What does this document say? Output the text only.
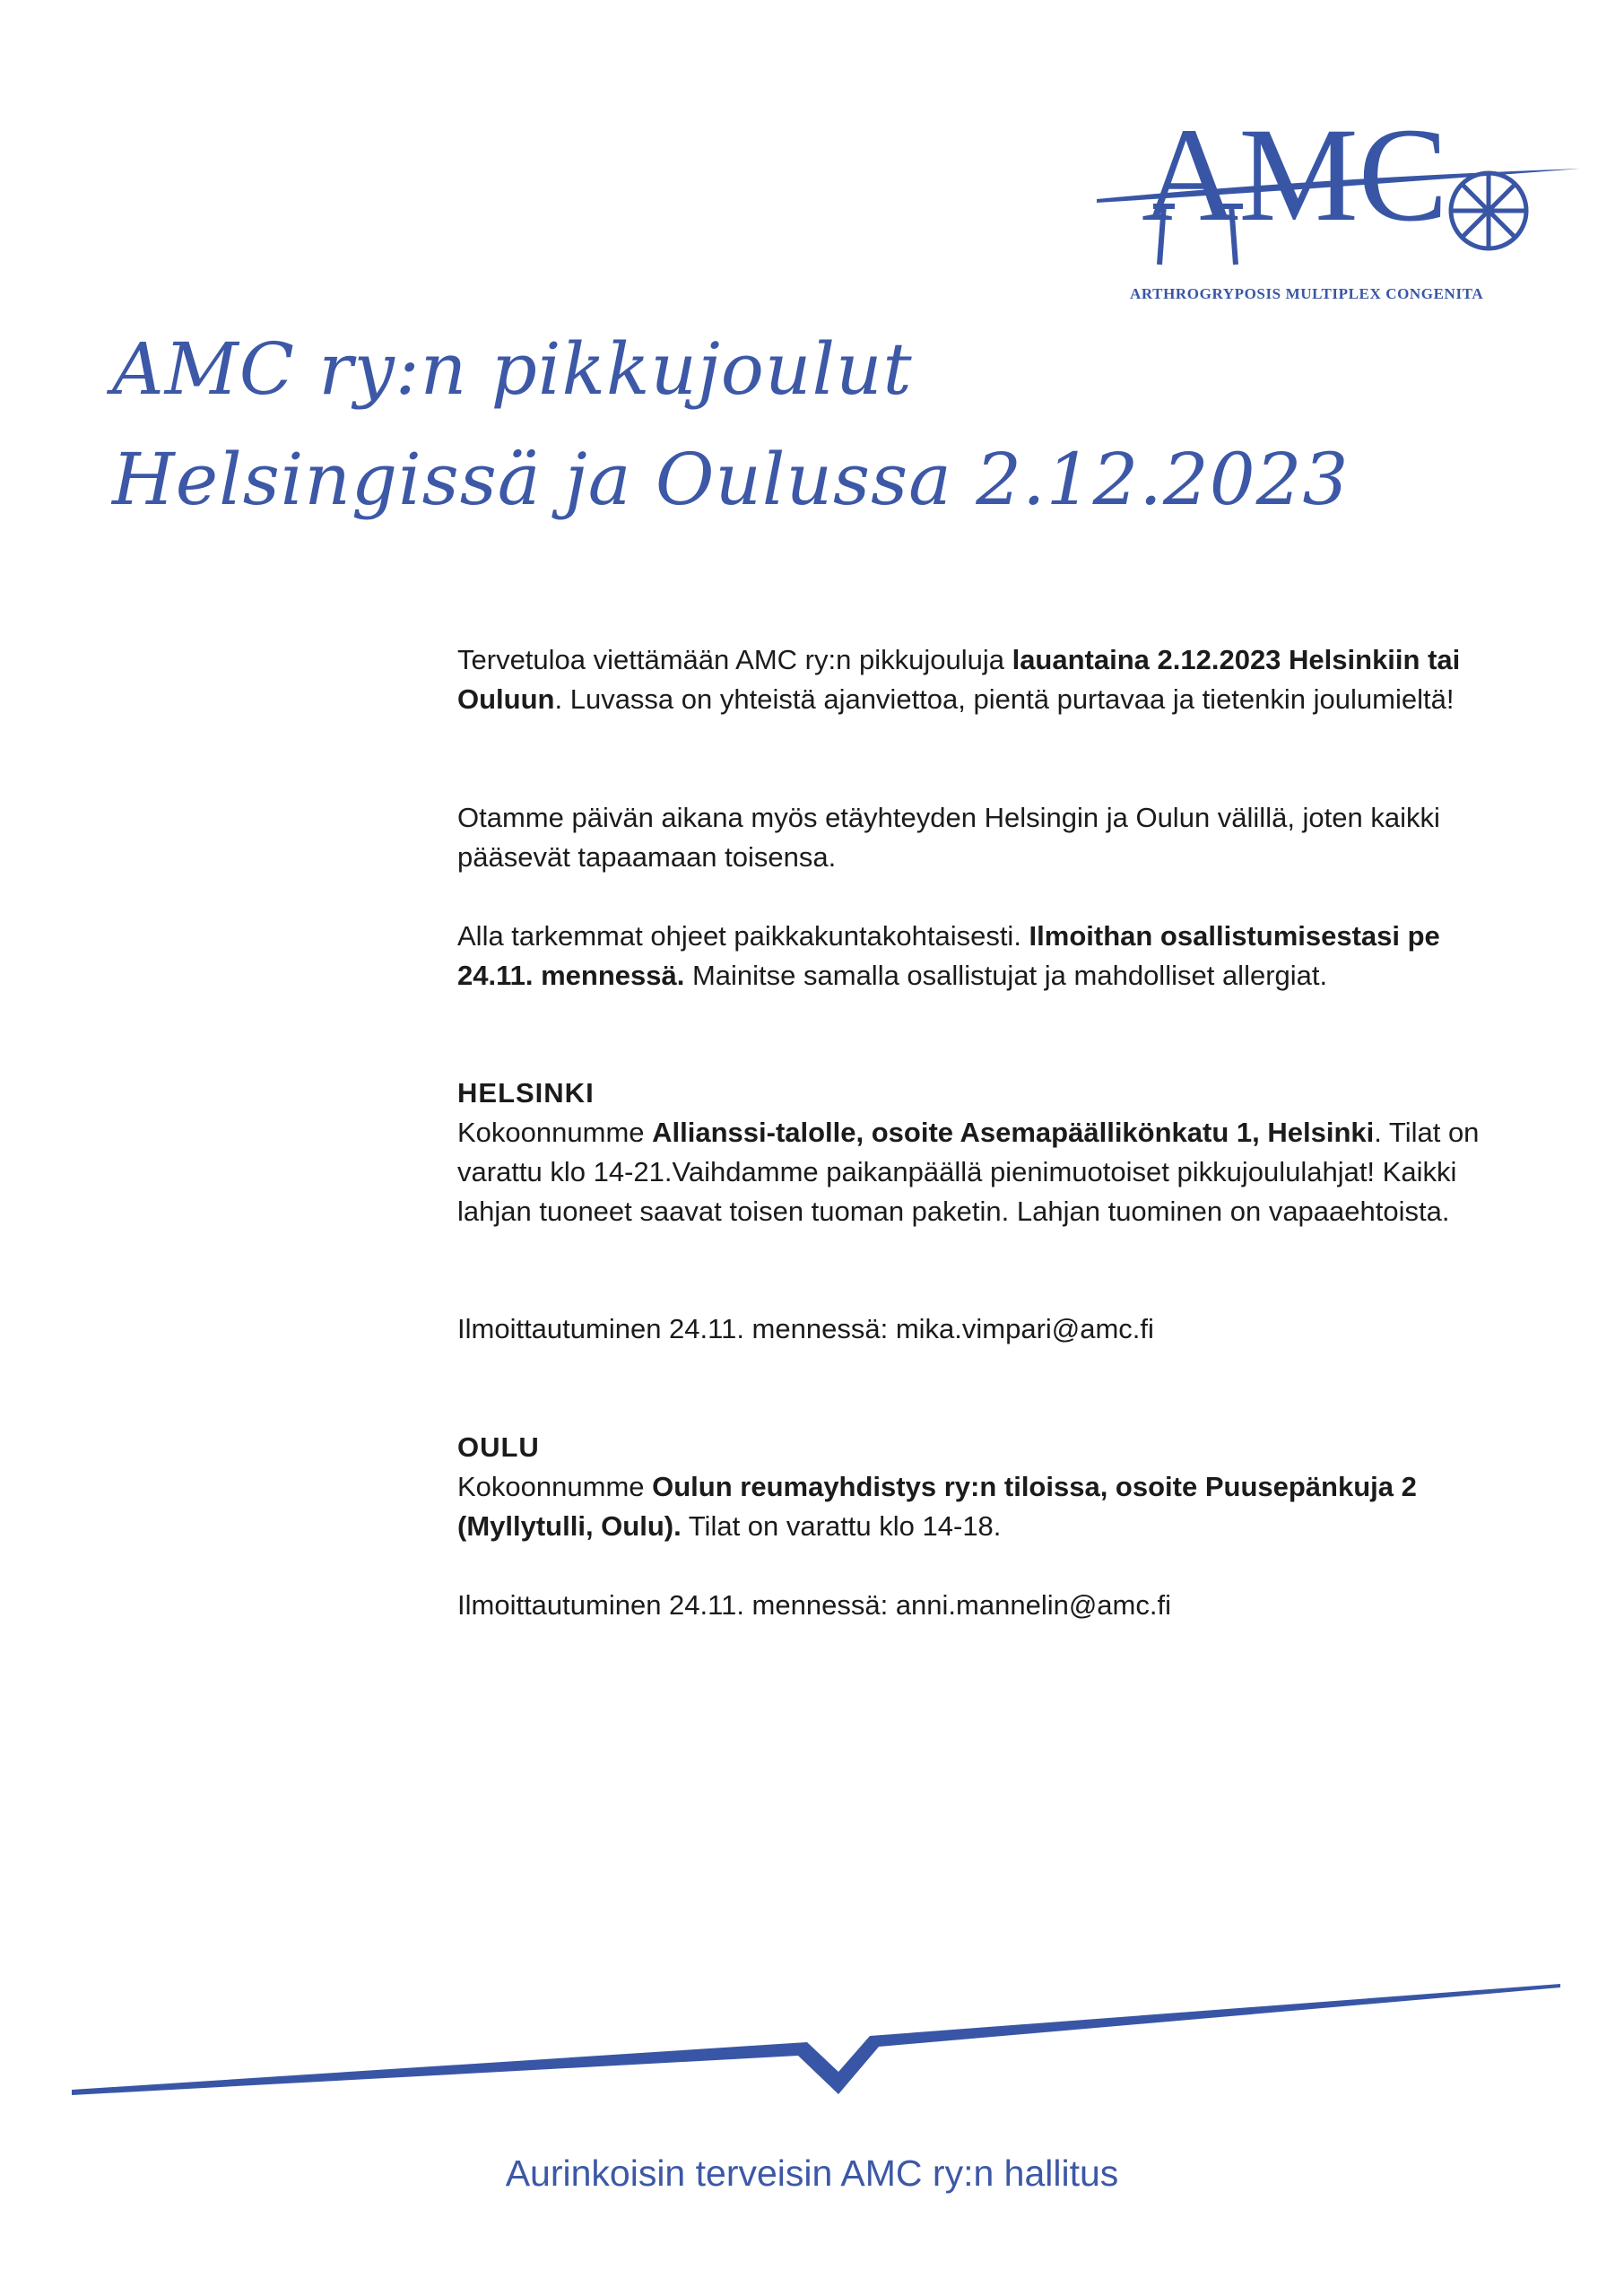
AMC
ARTHROGRYPOSIS MULTIPLEX CONGENITA
AMC ry:n pikkujoulut
Helsingissä ja Oulussa 2.12.2023

Tervetuloa viettämään AMC ry:n pikkujouluja lauantaina 2.12.2023 Helsinkiin tai Ouluun. Luvassa on yhteistä ajanviettoa, pientä purtavaa ja tietenkin joulumieltä!

Otamme päivän aikana myös etäyhteyden Helsingin ja Oulun välillä, joten kaikki pääsevät tapaamaan toisensa.

Alla tarkemmat ohjeet paikkakuntakohtaisesti. Ilmoithan osallistumisestasi pe 24.11. mennessä. Mainitse samalla osallistujat ja mahdolliset allergiat.

HELSINKI

Kokoonnumme Allianssi-talolle, osoite Asemapäällikönkatu 1, Helsinki. Tilat on varattu klo 14-21.Vaihdamme paikanpäällä pienimuotoiset pikkujoululahjat! Kaikki lahjan tuoneet saavat toisen tuoman paketin. Lahjan tuominen on vapaaehtoista.

Ilmoittautuminen 24.11. mennessä: mika.vimpari@amc.fi

OULU

Kokoonnumme Oulun reumayhdistys ry:n tiloissa, osoite Puusepänkuja 2 (Myllytulli, Oulu). Tilat on varattu klo 14-18.

Ilmoittautuminen 24.11. mennessä: anni.mannelin@amc.fi

Aurinkoisin terveisin AMC ry:n hallitus
